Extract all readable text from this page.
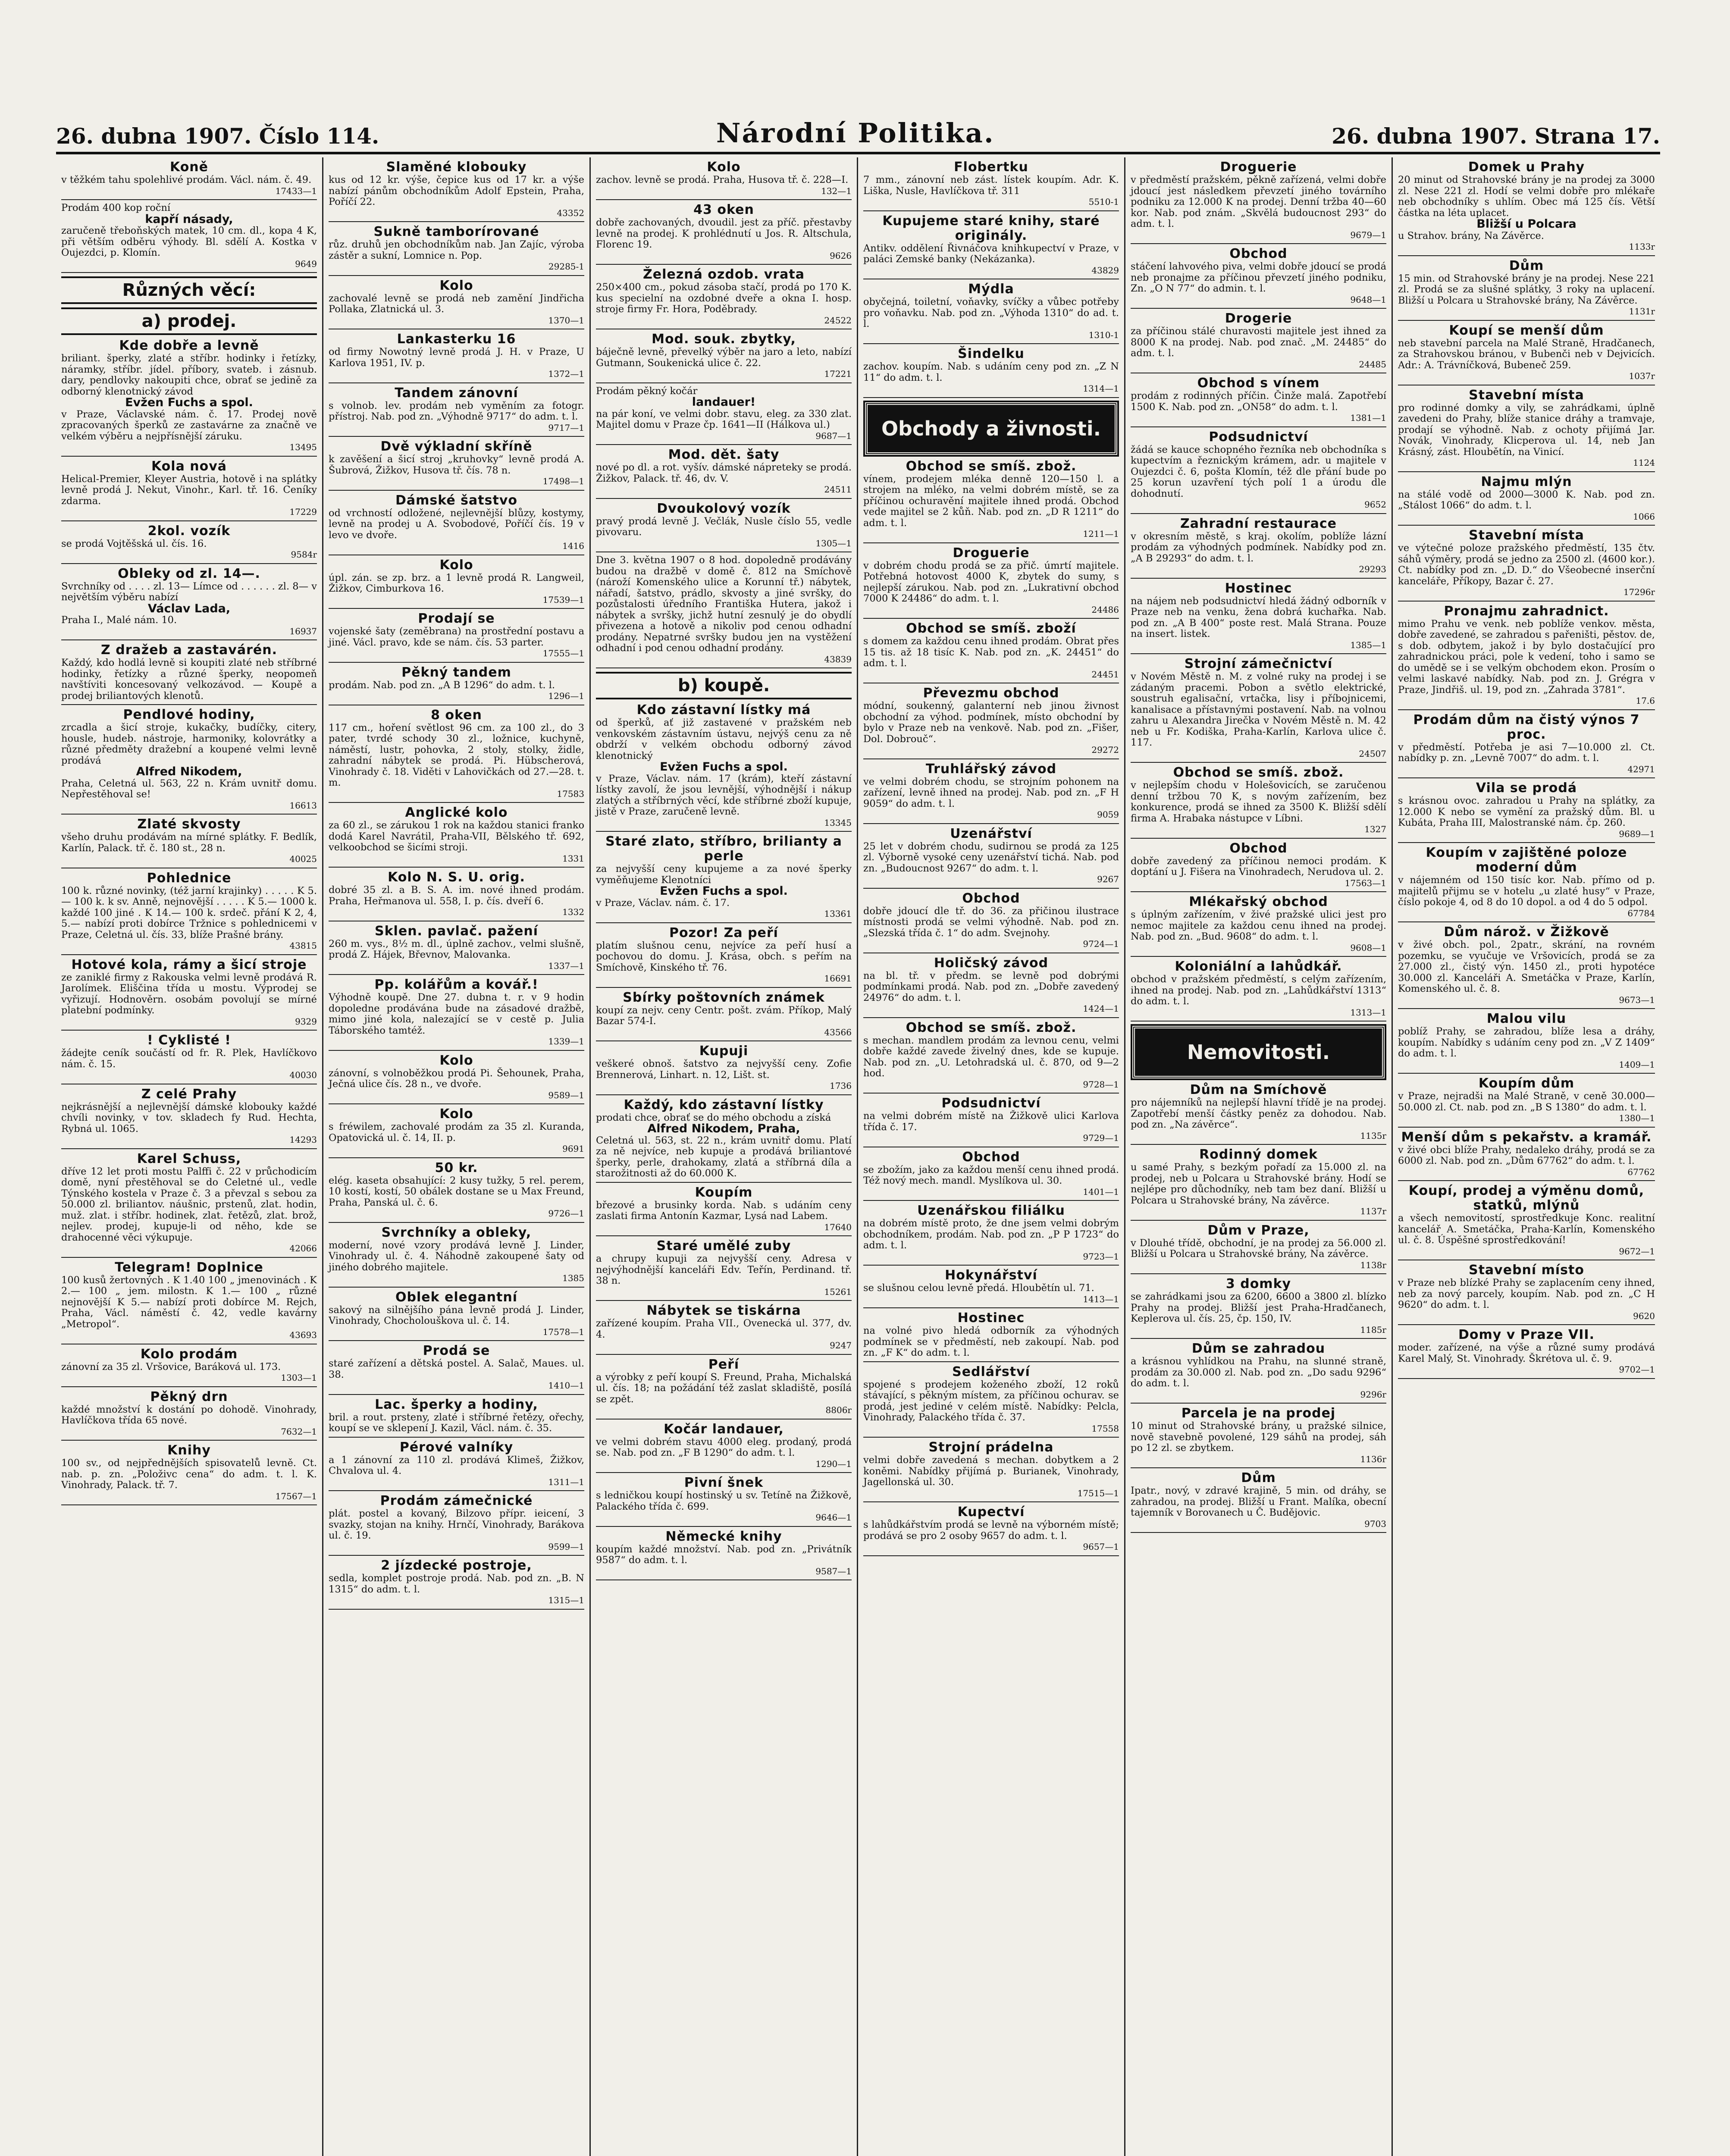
26. dubna 1907. Číslo 114.	Národní Politika.	26. dubna 1907. Strana 17.
Koně
v těžkém tahu spolehlivé prodám. Václ. nám. č. 49.
17433—1
Prodám 400 kop roční
kapří násady,
zaručeně třeboňských matek, 10 cm. dl., kopa 4 K, při větším odběru výhody. Bl. sdělí A. Kostka v Oujezdci, p. Klomín.
9649
Různých věcí:
a) prodej.
Kde dobře a levně
briliant. šperky, zlaté a stříbr. hodinky i řetízky, náramky, stříbr. jídel. příbory, svateb. i zásnub. dary, pendlovky nakoupiti chce, obrať se jedině za odborný klenotnický závod
Evžen Fuchs a spol.
v Praze, Václavské nám. č. 17. Prodej nově zpracovaných šperků ze zastavárne za značně ve velkém výběru a nejpřísnější záruku.
13495
Kola nová
Helical-Premier, Kleyer Austria, hotově i na splátky levně prodá J. Nekut, Vinohr., Karl. tř. 16. Ceníky zdarma.
17229
2kol. vozík
se prodá Vojtěšská ul. čís. 16.
9584r
Obleky od zl. 14—.
Svrchníky od . . . . zl. 13— Límce od . . . . . . zl. 8— v největším výběru nabízí
Václav Lada,
Praha I., Malé nám. 10.
16937
Z dražeb a zastavárén.
Každý, kdo hodlá levně si koupiti zlaté neb stříbrné hodinky, řetízky a různé šperky, neopomeň navštíviti koncesovaný velkozávod. — Koupě a prodej briliantových klenotů.
Pendlové hodiny,
zrcadla a šicí stroje, kukačky, budíčky, citery, housle, hudeb. nástroje, harmoniky, kolovrátky a různé předměty dražební a koupené velmi levně prodává
Alfred Nikodem,
Praha, Celetná ul. 563, 22 n. Krám uvnitř domu. Nepřestěhoval se!
16613
Zlaté skvosty
všeho druhu prodávám na mírné splátky. F. Bedlík, Karlín, Palack. tř. č. 180 st., 28 n.
40025
Pohlednice
100 k. různé novinky, (též jarní krajinky) . . . . . K 5.— 100 k. k sv. Anně, nejnovější . . . . . K 5.— 1000 k. každé 100 jiné . K 14.— 100 k. srdeč. přání K 2, 4, 5.— nabízí proti dobírce Tržnice s pohlednicemi v Praze, Celetná ul. čís. 33, blíže Prašné brány.
43815
Hotové kola, rámy a šicí stroje
ze zaniklé firmy z Rakouska velmi levně prodává R. Jarolímek. Eliščina třída u mostu. Výprodej se vyřizují. Hodnověrn. osobám povolují se mírné platební podmínky.
9329
! Cyklisté !
žádejte ceník součástí od fr. R. Plek, Havlíčkovo nám. č. 15.
40030
Z celé Prahy
nejkrásnější a nejlevnější dámské klobouky každé chvíli novinky, v tov. skladech fy Rud. Hechta, Rybná ul. 1065.
14293
Karel Schuss,
dříve 12 let proti mostu Palffi č. 22 v průchodicím domě, nyní přestěhoval se do Celetné ul., vedle Týnského kostela v Praze č. 3 a převzal s sebou za 50.000 zl. briliantov. náušnic, prstenů, zlat. hodin, muž. zlat. i stříbr. hodinek, zlat. řetězů, zlat. brož, nejlev. prodej, kupuje-li od něho, kde se drahocenné věci výkupuje.
42066
Telegram! Doplnice
100 kusů žertovných . K 1.40 100 „ jmenovinách . K 2.— 100 „ jem. milostn. K 1.— 100 „ různé nejnovější K 5.— nabízí proti dobírce M. Rejch, Praha, Václ. náměstí č. 42, vedle kavárny „Metropol“.
43693
Kolo prodám
zánovní za 35 zl. Vršovice, Baráková ul. 173.
1303—1
Pěkný drn
každé množství k dostání po dohodě. Vinohrady, Havlíčkova třída 65 nové.
7632—1
Knihy
100 sv., od nejpřednějších spisovatelů levně. Ct. nab. p. zn. „Položivc cena“ do adm. t. l. K. Vinohrady, Palack. tř. 7.
17567—1
Slaměné klobouky
kus od 12 kr. výše, čepice kus od 17 kr. a výše nabízí pánům obchodníkům Adolf Epstein, Praha, Poříčí 22.
43352
Sukně tamborírované
růz. druhů jen obchodníkům nab. Jan Zajíc, výroba zástěr a sukní, Lomnice n. Pop.
29285-1
Kolo
zachovalé levně se prodá neb zamění Jindřicha Pollaka, Zlatnická ul. 3.
1370—1
Lankasterku 16
od firmy Nowotný levně prodá J. H. v Praze, U Karlova 1951, IV. p.
1372—1
Tandem zánovní
s volnob. lev. prodám neb vyměním za fotogr. přístroj. Nab. pod zn. „Výhodně 9717“ do adm. t. l.
9717—1
Dvě výkladní skříně
k zavěšení a šicí stroj „kruhovky“ levně prodá A. Šubrová, Žižkov, Husova tř. čís. 78 n.
17498—1
Dámské šatstvo
od vrchností odložené, nejlevnější blůzy, kostymy, levně na prodej u A. Svobodové, Poříčí čís. 19 v levo ve dvoře.
1416
Kolo
úpl. zán. se zp. brz. a 1 levně prodá R. Langweil, Žižkov, Cimburkova 16.
17539—1
Prodají se
vojenské šaty (zeměbrana) na prostřední postavu a jiné. Václ. pravo, kde se nám. čís. 53 parter.
17555—1
Pěkný tandem
prodám. Nab. pod zn. „A B 1296“ do adm. t. l.
1296—1
8 oken
117 cm., hoření světlost 96 cm. za 100 zl., do 3 pater, tvrdé schody 30 zl., ložnice, kuchyně, náměstí, lustr, pohovka, 2 stoly, stolky, židle, zahradní nábytek se prodá. Pi. Hübscherová, Vinohrady č. 18. Viděti v Lahovičkách od 27.—28. t. m.
17583
Anglické kolo
za 60 zl., se zárukou 1 rok na každou stanici franko dodá Karel Navrátil, Praha-VII, Bělského tř. 692, velkoobchod se šicími stroji.
1331
Kolo N. S. U. orig.
dobré 35 zl. a B. S. A. im. nové ihned prodám. Praha, Heřmanova ul. 558, I. p. čís. dveří 6.
1332
Sklen. pavlač. pažení
260 m. vys., 8½ m. dl., úplně zachov., velmi slušně, prodá Z. Hájek, Břevnov, Malovanka.
1337—1
Pp. kolářům a kovář.!
Výhodně koupě. Dne 27. dubna t. r. v 9 hodin dopoledne prodávána bude na zásadové dražbě, mimo jiné kola, nalezající se v cestě p. Julia Táborského tamtéž.
1339—1
Kolo
zánovní, s volnoběžkou prodá Pi. Šehounek, Praha, Ječná ulice čís. 28 n., ve dvoře.
9589—1
Kolo
s fréwilem, zachovalé prodám za 35 zl. Kuranda, Opatovická ul. č. 14, II. p.
9691
50 kr.
elég. kaseta obsahující: 2 kusy tužky, 5 rel. perem, 10 kostí, kostí, 50 obálek dostane se u Max Freund, Praha, Panská ul. č. 6.
9726—1
Svrchníky a obleky,
moderní, nové vzory prodává levně J. Linder, Vinohrady ul. č. 4. Náhodně zakoupené šaty od jiného dobrého majitele.
1385
Oblek elegantní
sakový na silnějšího pána levně prodá J. Linder, Vinohrady, Chocholouškova ul. č. 14.
17578—1
Prodá se
staré zařízení a dětská postel. A. Salač, Maues. ul. 38.
1410—1
Lac. šperky a hodiny,
bril. a rout. prsteny, zlaté i stříbrné řetězy, ořechy, koupí se ve sklepení J. Kazil, Václ. nám. č. 35.
Pérové valníky
a 1 zánovní za 110 zl. prodává Klimeš, Žižkov, Chvalova ul. 4.
1311—1
Prodám zámečnické
plát. postel a kovaný, Bilzovo přípr. ieicení, 3 svazky, stojan na knihy. Hrnčí, Vinohrady, Barákova ul. č. 19.
9599—1
2 jízdecké postroje,
sedla, komplet postroje prodá. Nab. pod zn. „B. N 1315“ do adm. t. l.
1315—1
Kolo
zachov. levně se prodá. Praha, Husova tř. č. 228—I.
132—1
43 oken
dobře zachovaných, dvoudil. jest za příč. přestavby levně na prodej. K prohlédnutí u Jos. R. Altschula, Florenc 19.
9626
Železná ozdob. vrata
250×400 cm., pokud zásoba stačí, prodá po 170 K. kus specielní na ozdobné dveře a okna I. hosp. stroje firmy Fr. Hora, Poděbrady.
24522
Mod. souk. zbytky,
báječně levně, převelký výběr na jaro a leto, nabízí Gutmann, Soukenická ulice č. 22.
17221
Prodám pěkný kočár
landauer!
na pár koní, ve velmi dobr. stavu, eleg. za 330 zlat. Majitel domu v Praze čp. 1641—II (Hálkova ul.)
9687—1
Mod. dět. šaty
nové po dl. a rot. vyšív. dámské nápreteky se prodá. Žižkov, Palack. tř. 46, dv. V.
24511
Dvoukolový vozík
pravý prodá levně J. Večlák, Nusle číslo 55, vedle pivovaru.
1305—1
Dne 3. května 1907 o 8 hod. dopoledně prodávány budou na dražbě v domě č. 812 na Smíchově (nároží Komenského ulice a Korunní tř.) nábytek, nářadí, šatstvo, prádlo, skvosty a jiné svršky, do pozůstalosti úředního Františka Hutera, jakož i nábytek a svršky, jichž hutní zesnulý je do obydlí přivezena a hotově a nikoliv pod cenou odhadní prodány. Nepatrné svršky budou jen na vystěžení odhadní i pod cenou odhadní prodány.
43839
b) koupě.
Kdo zástavní lístky má
od šperků, ať již zastavené v pražském neb venkovském zástavním ústavu, nejvýš cenu za ně obdrží v velkém obchodu odborný závod klenotnický
Evžen Fuchs a spol.
v Praze, Václav. nám. 17 (krám), kteří zástavní lístky zavolí, že jsou levnější, výhodnější i nákup zlatých a stříbrných věcí, kde stříbrné zboží kupuje, jistě v Praze, zaručeně levně.
13345
Staré zlato, stříbro, brilianty a perle
za nejvyšší ceny kupujeme a za nové šperky vyměňujeme Klenotníci
Evžen Fuchs a spol.
v Praze, Václav. nám. č. 17.
13361
Pozor! Za peří
platím slušnou cenu, nejvíce za peří husí a pochovou do domu. J. Krása, obch. s peřím na Smíchově, Kinského tř. 76.
16691
Sbírky poštovních známek
koupí za nejv. ceny Centr. pošt. zvám. Příkop, Malý Bazar 574-I.
43566
Kupuji
veškeré obnoš. šatstvo za nejvyšší ceny. Zofie Brennerová, Linhart. n. 12, Lišt. st.
1736
Každý, kdo zástavní lístky
prodati chce, obrať se do mého obchodu a získá
Alfred Nikodem, Praha,
Celetná ul. 563, st. 22 n., krám uvnitř domu. Platí za ně nejvíce, neb kupuje a prodává briliantové šperky, perle, drahokamy, zlatá a stříbrná díla a starožitnosti až do 60.000 K.
Koupím
březové a brusinky korda. Nab. s udáním ceny zaslati firma Antonín Kazmar, Lysá nad Labem.
17640
Staré umělé zuby
a chrupy kupuji za nejvyšší ceny. Adresa v nejvýhodnější kanceláři Edv. Teřín, Perdinand. tř. 38 n.
15261
Nábytek se tiskárna
zařízené koupím. Praha VII., Ovenecká ul. 377, dv. 4.
9247
Peří
a výrobky z peří koupí S. Freund, Praha, Michalská ul. čís. 18; na požádání též zaslat skladiště, posílá se zpět.
8806r
Kočár landauer,
ve velmi dobrém stavu 4000 eleg. prodaný, prodá se. Nab. pod zn. „F B 1290“ do adm. t. l.
1290—1
Pivní šnek
s ledničkou koupí hostinský u sv. Tetíně na Žižkově, Palackého třída č. 699.
9646—1
Německé knihy
koupím každé množství. Nab. pod zn. „Privátník 9587“ do adm. t. l.
9587—1
Flobertku
7 mm., zánovní neb zást. lístek koupím. Adr. K. Liška, Nusle, Havlíčkova tř. 311
5510-1
Kupujeme staré knihy, staré originály.
Antikv. oddělení Řivnáčova knihkupectví v Praze, v paláci Zemské banky (Nekázanka).
43829
Mýdla
obyčejná, toiletní, voňavky, svíčky a vůbec potřeby pro voňavku. Nab. pod zn. „Výhoda 1310“ do ad. t. l.
1310-1
Šindelku
zachov. koupím. Nab. s udáním ceny pod zn. „Z N 11“ do adm. t. l.
1314—1
Obchody a živnosti.
Obchod se smíš. zbož.
vínem, prodejem mléka denně 120—150 l. a strojem na mléko, na velmi dobrém místě, se za příčinou ochuravění majitele ihned prodá. Obchod vede majitel se 2 kůň. Nab. pod zn. „D R 1211“ do adm. t. l.
1211—1
Droguerie
v dobrém chodu prodá se za přič. úmrtí majitele. Potřebná hotovost 4000 K, zbytek do sumy, s nejlepší zárukou. Nab. pod zn. „Lukrativní obchod 7000 K 24486“ do adm. t. l.
24486
Obchod se smíš. zboží
s domem za každou cenu ihned prodám. Obrat přes 15 tis. až 18 tisíc K. Nab. pod zn. „K. 24451“ do adm. t. l.
24451
Převezmu obchod
módní, soukenný, galanterní neb jinou živnost obchodní za výhod. podmínek, místo obchodní by bylo v Praze neb na venkově. Nab. pod zn. „Fišer, Dol. Dobrouč“.
29272
Truhlářský závod
ve velmi dobrém chodu, se strojním pohonem na zařízení, levně ihned na prodej. Nab. pod zn. „F H 9059“ do adm. t. l.
9059
Uzenářství
25 let v dobrém chodu, sudirnou se prodá za 125 zl. Výborně vysoké ceny uzenářství tichá. Nab. pod zn. „Budoucnost 9267“ do adm. t. l.
9267
Obchod
dobře jdoucí dle tř. do 36. za přičinou ilustrace místnosti prodá se velmi výhodně. Nab. pod zn. „Slezská třída č. 1“ do adm. Svejnohy.
9724—1
Holičský závod
na bl. tř. v předm. se levně pod dobrými podmínkami prodá. Nab. pod zn. „Dobře zavedený 24976“ do adm. t. l.
1424—1
Obchod se smíš. zbož.
s mechan. mandlem prodám za levnou cenu, velmi dobře každé zavede živelný dnes, kde se kupuje. Nab. pod zn. „U. Letohradská ul. č. 870, od 9—2 hod.
9728—1
Podsudnictví
na velmi dobrém místě na Žižkově ulici Karlova třída č. 17.
9729—1
Obchod
se zbožím, jako za každou menší cenu ihned prodá. Též nový mech. mandl. Myslíkova ul. 30.
1401—1
Uzenářskou filiálku
na dobrém místě proto, že dne jsem velmi dobrým obchodníkem, prodám. Nab. pod zn. „P P 1723“ do adm. t. l.
9723—1
Hokynářství
se slušnou celou levně předá. Hloubětín ul. 71.
1413—1
Hostinec
na volné pivo hledá odborník za výhodných podmínek se v předměstí, neb zakoupí. Nab. pod zn. „F K“ do adm. t. l.
Sedlářství
spojené s prodejem koženého zboží, 12 roků stávající, s pěkným místem, za příčinou ochurav. se prodá, jest jediné v celém místě. Nabídky: Pelcla, Vinohrady, Palackého třída č. 37.
17558
Strojní prádelna
velmi dobře zavedená s mechan. dobytkem a 2 koněmi. Nabídky přijímá p. Burianek, Vinohrady, Jagellonská ul. 30.
17515—1
Kupectví
s lahůdkářstvím prodá se levně na výborném místě; prodává se pro 2 osoby 9657 do adm. t. l.
9657—1
Droguerie
v předměstí pražském, pěkně zařízená, velmi dobře jdoucí jest následkem převzetí jiného továrního podniku za 12.000 K na prodej. Denní tržba 40—60 kor. Nab. pod znám. „Skvělá budoucnost 293“ do adm. t. l.
9679—1
Obchod
stáčení lahvového piva, velmi dobře jdoucí se prodá neb pronajme za příčinou převzetí jiného podniku, Zn. „O N 77“ do admin. t. l.
9648—1
Drogerie
za příčinou stálé churavosti majitele jest ihned za 8000 K na prodej. Nab. pod znač. „M. 24485“ do adm. t. l.
24485
Obchod s vínem
prodám z rodinných příčin. Činže malá. Zapotřebí 1500 K. Nab. pod zn. „ON58“ do adm. t. l.
1381—1
Podsudnictví
žádá se kauce schopného řezníka neb obchodníka s kupectvím a řeznickým krámem, adr. u majitele v Oujezdci č. 6, pošta Klomín, též dle přání bude po 25 korun uzavření tých polí 1 a úrodu dle dohodnutí.
9652
Zahradní restaurace
v okresním městě, s kraj. okolím, poblíže lázní prodám za výhodných podmínek. Nabídky pod zn. „A B 29293“ do adm. t. l.
29293
Hostinec
na nájem neb podsudnictví hledá žádný odborník v Praze neb na venku, žena dobrá kuchařka. Nab. pod zn. „A B 400“ poste rest. Malá Strana. Pouze na insert. listek.
1385—1
Strojní zámečnictví
v Novém Městě n. M. z volné ruky na prodej i se zádaným pracemi. Pobon a světlo elektrické, soustruh egalisační, vrtačka, lisy i příbojnicemi, kanalisace a přístavnými postavení. Nab. na volnou zahru u Alexandra Jirečka v Novém Městě n. M. 42 neb u Fr. Kodiška, Praha-Karlín, Karlova ulice č. 117.
24507
Obchod se smíš. zbož.
v nejlepším chodu v Holešovicích, se zaručenou denní tržbou 70 K, s novým zařízením, bez konkurence, prodá se ihned za 3500 K. Bližší sdělí firma A. Hrabaka nástupce v Líbni.
1327
Obchod
dobře zavedený za příčinou nemoci prodám. K doptání u J. Fišera na Vinohradech, Nerudova ul. 2.
17563—1
Mlékařský obchod
s úplným zařízením, v živé pražské ulici jest pro nemoc majitele za každou cenu ihned na prodej. Nab. pod zn. „Bud. 9608“ do adm. t. l.
9608—1
Koloniální a lahůdkář.
obchod v pražském předměstí, s celým zařízením, ihned na prodej. Nab. pod zn. „Lahůdkářství 1313“ do adm. t. l.
1313—1
Nemovitosti.
Dům na Smíchově
pro nájemníků na nejlepší hlavní třídě je na prodej. Zapotřebí menší částky peněz za dohodou. Nab. pod zn. „Na závěrce“.
1135r
Rodinný domek
u samé Prahy, s bezkým pořadí za 15.000 zl. na prodej, neb u Polcara u Strahovské brány. Hodí se nejlépe pro důchodníky, neb tam bez daní. Bližší u Polcara u Strahovské brány, Na závěrce.
1137r
Dům v Praze,
v Dlouhé třídě, obchodní, je na prodej za 56.000 zl. Bližší u Polcara u Strahovské brány, Na závěrce.
1138r
3 domky
se zahrádkami jsou za 6200, 6600 a 3800 zl. blízko Prahy na prodej. Bližší jest Praha-Hradčanech, Keplerova ul. čís. 25, čp. 150, IV.
1185r
Dům se zahradou
a krásnou vyhlídkou na Prahu, na slunné straně, prodám za 30.000 zl. Nab. pod zn. „Do sadu 9296“ do adm. t. l.
9296r
Parcela je na prodej
10 minut od Strahovské brány, u pražské silnice, nově stavebně povolené, 129 sáhů na prodej, sáh po 12 zl. se zbytkem.
1136r
Dům
Ipatr., nový, v zdravé krajině, 5 min. od dráhy, se zahradou, na prodej. Bližší u Frant. Malíka, obecní tajemník v Borovanech u Č. Budějovic.
9703
Domek u Prahy
20 minut od Strahovské brány je na prodej za 3000 zl. Nese 221 zl. Hodí se velmi dobře pro mlékaře neb obchodníky s uhlím. Obec má 125 čís. Větší částka na léta uplacet.
Bližší u Polcara
u Strahov. brány, Na Závěrce.
1133r
Dům
15 min. od Strahovské brány je na prodej. Nese 221 zl. Prodá se za slušné splátky, 3 roky na uplacení. Bližší u Polcara u Strahovské brány, Na Závěrce.
1131r
Koupí se menší dům
neb stavební parcela na Malé Straně, Hradčanech, za Strahovskou bránou, v Bubenči neb v Dejvicích. Adr.: A. Trávníčková, Bubeneč 259.
1037r
Stavební místa
pro rodinné domky a vily, se zahrádkami, úplně zavedeni do Prahy, blíže stanice dráhy a tramvaje, prodají se výhodně. Nab. z ochoty přijímá Jar. Novák, Vinohrady, Klicperova ul. 14, neb Jan Krásný, zást. Hloubětín, na Vinicí.
1124
Najmu mlýn
na stálé vodě od 2000—3000 K. Nab. pod zn. „Stálost 1066“ do adm. t. l.
1066
Stavební místa
ve výtečné poloze pražského předměstí, 135 čtv. sáhů výměry, prodá se jedno za 2500 zl. (4600 kor.). Ct. nabídky pod zn. „D. D.“ do Všeobecné inserční kanceláře, Příkopy, Bazar č. 27.
17296r
Pronajmu zahradnict.
mimo Prahu ve venk. neb poblíže venkov. města, dobře zavedené, se zahradou s pařeništi, pěstov. de, s dob. odbytem, jakož i by bylo dostačující pro zahradnickou práci, pole k vedení, toho i samo se do umědě se i se velkým obchodem ekon. Prosím o velmi laskavé nabídky. Nab. pod zn. J. Grégra v Praze, Jindřiš. ul. 19, pod zn. „Zahrada 3781“.
17.6
Prodám dům na čistý výnos 7 proc.
v předměstí. Potřeba je asi 7—10.000 zl. Ct. nabídky p. zn. „Levně 7007“ do adm. t. l.
42971
Vila se prodá
s krásnou ovoc. zahradou u Prahy na splátky, za 12.000 K nebo se vymění za pražský dům. Bl. u Kubáta, Praha III, Malostranské nám. čp. 260.
9689—1
Koupím v zajištěné poloze moderní dům
v nájemném od 150 tisíc kor. Nab. přímo od p. majitelů přijmu se v hotelu „u zlaté husy“ v Praze, číslo pokoje 4, od 8 do 10 dopol. a od 4 do 5 odpol.
67784
Dům nárož. v Žižkově
v živé obch. pol., 2patr., skrání, na rovném pozemku, se vyučuje ve Vršovicích, prodá se za 27.000 zl., čistý výn. 1450 zl., proti hypotéce 30.000 zl. Kanceláři A. Smetáčka v Praze, Karlín, Komenského ul. č. 8.
9673—1
Malou vilu
poblíž Prahy, se zahradou, blíže lesa a dráhy, koupím. Nabídky s udáním ceny pod zn. „V Z 1409“ do adm. t. l.
1409—1
Koupím dům
v Praze, nejradši na Malé Straně, v ceně 30.000—50.000 zl. Ct. nab. pod zn. „B S 1380“ do adm. t. l.
1380—1
Menší dům s pekařstv. a kramář.
v živé obci blíže Prahy, nedaleko dráhy, prodá se za 6000 zl. Nab. pod zn. „Dům 67762“ do adm. t. l.
67762
Koupí, prodej a výměnu domů, statků, mlýnů
a všech nemovitostí, sprostředkuje Konc. realitní kancelář A. Smetáčka, Praha-Karlín, Komenského ul. č. 8. Úspěšné sprostředkování!
9672—1
Stavební místo
v Praze neb blízké Prahy se zaplacením ceny ihned, neb za nový parcely, koupím. Nab. pod zn. „C H 9620“ do adm. t. l.
9620
Domy v Praze VII.
moder. zařízené, na výše a různé sumy prodává Karel Malý, St. Vinohrady. Škrétova ul. č. 9.
9702—1
